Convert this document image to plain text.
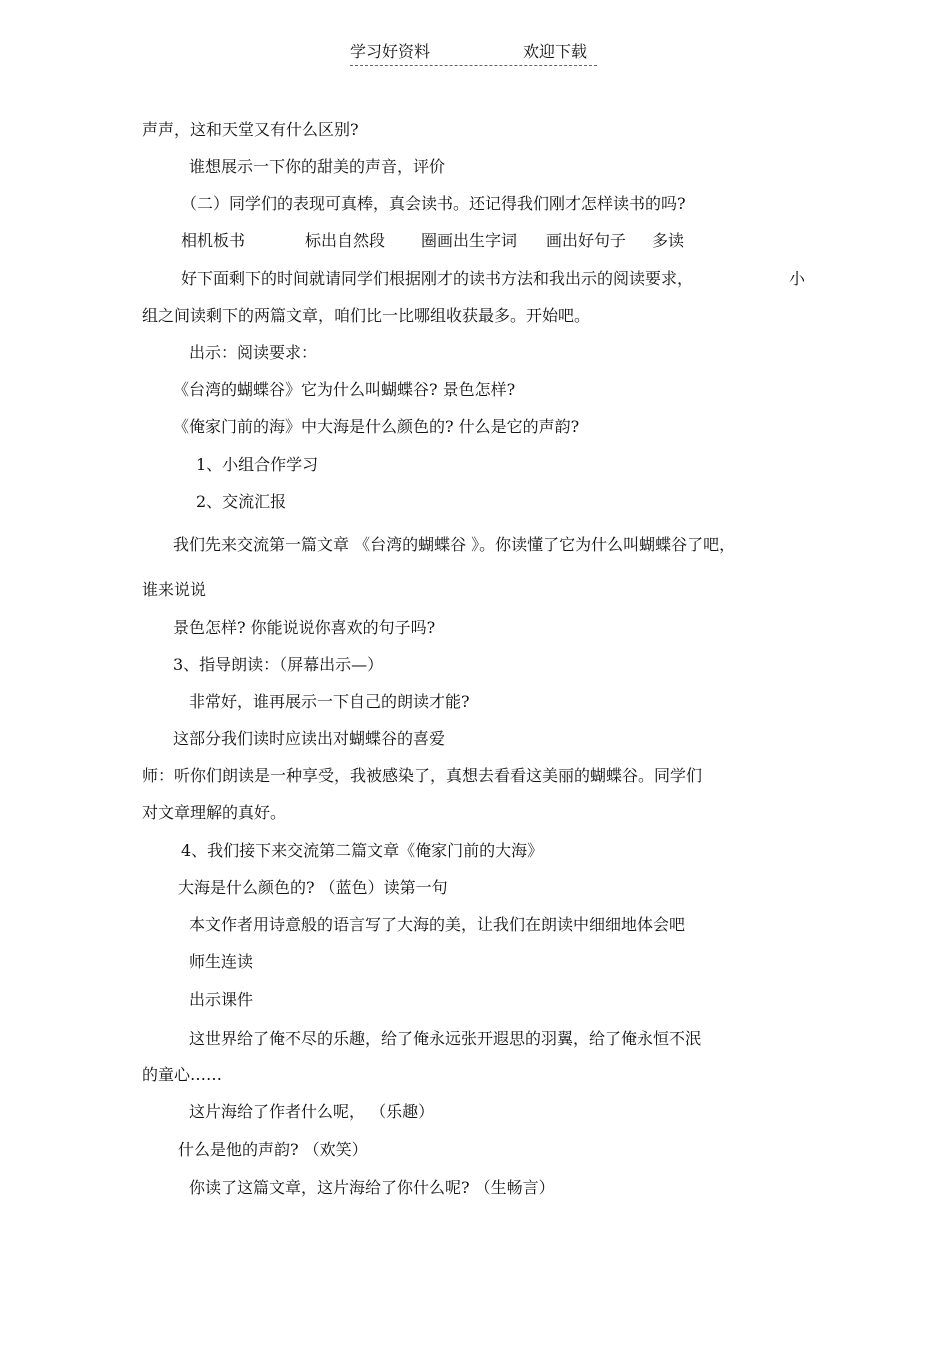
学习好资料	欢迎下载
声声，这和天堂又有什么区别?
谁想展示一下你的甜美的声音，评价
（二）同学们的表现可真棒，真会读书。还记得我们刚才怎样读书的吗?
相机板书	标出自然段 圈画出生字词 画出好句子 多读
好下面剩下的时间就请同学们根据刚才的读书方法和我出示的阅读要求，	小
组之间读剩下的两篇文章，咱们比一比哪组收获最多。开始吧。
出示：阅读要求：
《台湾的蝴蝶谷》它为什么叫蝴蝶谷? 景色怎样?
《俺家门前的海》中大海是什么颜色的? 什么是它的声韵?
1、小组合作学习
2、交流汇报
我们先来交流第一篇文章 《台湾的蝴蝶谷 》。你读懂了它为什么叫蝴蝶谷了吧，
谁来说说
景色怎样? 你能说说你喜欢的句子吗?
3、指导朗读：（屏幕出示—）
非常好，谁再展示一下自己的朗读才能?
这部分我们读时应读出对蝴蝶谷的喜爱
师：听你们朗读是一种享受，我被感染了，真想去看看这美丽的蝴蝶谷。同学们
对文章理解的真好。
4、我们接下来交流第二篇文章《俺家门前的大海》
大海是什么颜色的? （蓝色）读第一句
本文作者用诗意般的语言写了大海的美，让我们在朗读中细细地体会吧
师生连读
出示课件
这世界给了俺不尽的乐趣，给了俺永远张开遐思的羽翼，给了俺永恒不泯
的童心……
这片海给了作者什么呢， （乐趣）
什么是他的声韵? （欢笑）
你读了这篇文章，这片海给了你什么呢? （生畅言）
